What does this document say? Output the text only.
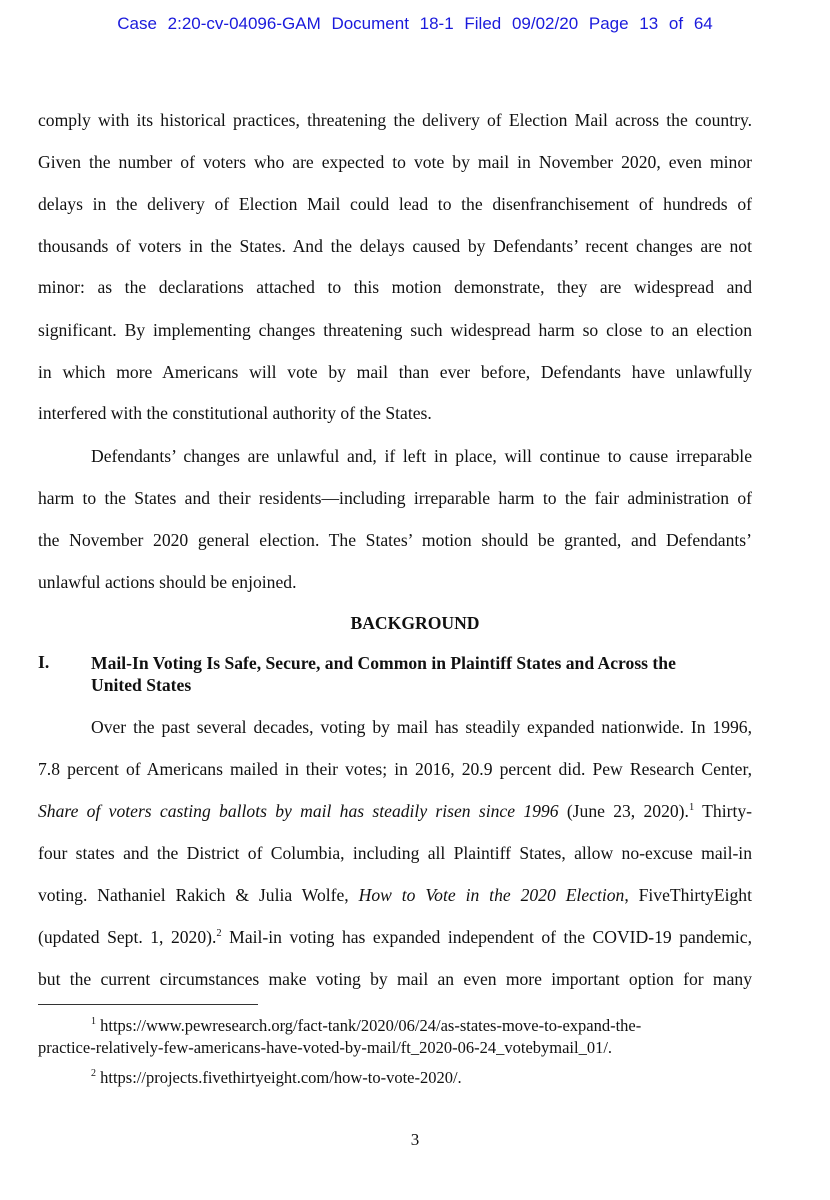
Case 2:20-cv-04096-GAM Document 18-1 Filed 09/02/20 Page 13 of 64
comply with its historical practices, threatening the delivery of Election Mail across the country.
Given the number of voters who are expected to vote by mail in November 2020, even minor
delays in the delivery of Election Mail could lead to the disenfranchisement of hundreds of
thousands of voters in the States. And the delays caused by Defendants’ recent changes are not
minor: as the declarations attached to this motion demonstrate, they are widespread and
significant. By implementing changes threatening such widespread harm so close to an election
in which more Americans will vote by mail than ever before, Defendants have unlawfully
interfered with the constitutional authority of the States.
Defendants’ changes are unlawful and, if left in place, will continue to cause irreparable
harm to the States and their residents—including irreparable harm to the fair administration of
the November 2020 general election. The States’ motion should be granted, and Defendants’
unlawful actions should be enjoined.
Over the past several decades, voting by mail has steadily expanded nationwide. In 1996,
7.8 percent of Americans mailed in their votes; in 2016, 20.9 percent did. Pew Research Center,
Share of voters casting ballots by mail has steadily risen since 1996 (June 23, 2020).$^1$ Thirty-
four states and the District of Columbia, including all Plaintiff States, allow no-excuse mail-in
voting. Nathaniel Rakich & Julia Wolfe, How to Vote in the 2020 Election, FiveThirtyEight
(updated Sept. 1, 2020).$^2$ Mail-in voting has expanded independent of the COVID-19 pandemic,
but the current circumstances make voting by mail an even more important option for many
BACKGROUND
I. Mail-In Voting Is Safe, Secure, and Common in Plaintiff States and Across the
United States
$^1$ https://www.pewresearch.org/fact-tank/2020/06/24/as-states-move-to-expand-the-
practice-relatively-few-americans-have-voted-by-mail/ft_2020-06-24_votebymail_01/.
$^2$ https://projects.fivethirtyeight.com/how-to-vote-2020/.
3
